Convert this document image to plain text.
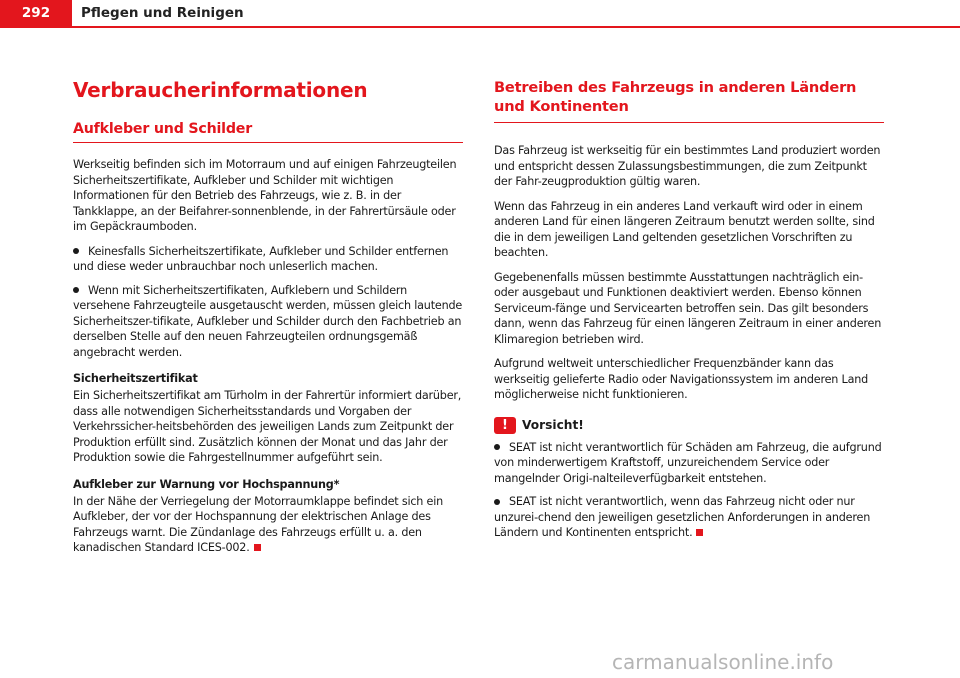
292	Pflegen und Reinigen
Verbraucherinformationen
Aufkleber und Schilder

Werkseitig befinden sich im Motorraum und auf einigen Fahrzeugteilen Sicherheitszertifikate, Aufkleber und Schilder mit wichtigen Informationen für den Betrieb des Fahrzeugs, wie z. B. in der Tankklappe, an der Beifahrer-sonnenblende, in der Fahrertürsäule oder im Gepäckraumboden.

Keinesfalls Sicherheitszertifikate, Aufkleber und Schilder entfernen und diese weder unbrauchbar noch unleserlich machen.

Wenn mit Sicherheitszertifikaten, Aufklebern und Schildern versehene Fahrzeugteile ausgetauscht werden, müssen gleich lautende Sicherheitszer-tifikate, Aufkleber und Schilder durch den Fachbetrieb an derselben Stelle auf den neuen Fahrzeugteilen ordnungsgemäß angebracht werden.

Sicherheitszertifikat

Ein Sicherheitszertifikat am Türholm in der Fahrertür informiert darüber, dass alle notwendigen Sicherheitsstandards und Vorgaben der Verkehrssicher-heitsbehörden des jeweiligen Lands zum Zeitpunkt der Produktion erfüllt sind. Zusätzlich können der Monat und das Jahr der Produktion sowie die Fahrgestellnummer aufgeführt sein.

Aufkleber zur Warnung vor Hochspannung*

In der Nähe der Verriegelung der Motorraumklappe befindet sich ein Aufkleber, der vor der Hochspannung der elektrischen Anlage des Fahrzeugs warnt. Die Zündanlage des Fahrzeugs erfüllt u. a. den kanadischen Standard ICES-002.

Betreiben des Fahrzeugs in anderen Ländern und Kontinenten

Das Fahrzeug ist werkseitig für ein bestimmtes Land produziert worden und entspricht dessen Zulassungsbestimmungen, die zum Zeitpunkt der Fahr-zeugproduktion gültig waren.

Wenn das Fahrzeug in ein anderes Land verkauft wird oder in einem anderen Land für einen längeren Zeitraum benutzt werden sollte, sind die in dem jeweiligen Land geltenden gesetzlichen Vorschriften zu beachten.

Gegebenenfalls müssen bestimmte Ausstattungen nachträglich ein- oder ausgebaut und Funktionen deaktiviert werden. Ebenso können Serviceum-fänge und Servicearten betroffen sein. Das gilt besonders dann, wenn das Fahrzeug für einen längeren Zeitraum in einer anderen Klimaregion betrieben wird.

Aufgrund weltweit unterschiedlicher Frequenzbänder kann das werkseitig gelieferte Radio oder Navigationssystem im anderen Land möglicherweise nicht funktionieren.

!	Vorsicht!

SEAT ist nicht verantwortlich für Schäden am Fahrzeug, die aufgrund von minderwertigem Kraftstoff, unzureichendem Service oder mangelnder Origi-nalteileverfügbarkeit entstehen.

SEAT ist nicht verantwortlich, wenn das Fahrzeug nicht oder nur unzurei-chend den jeweiligen gesetzlichen Anforderungen in anderen Ländern und Kontinenten entspricht.

carmanualsonline.info
